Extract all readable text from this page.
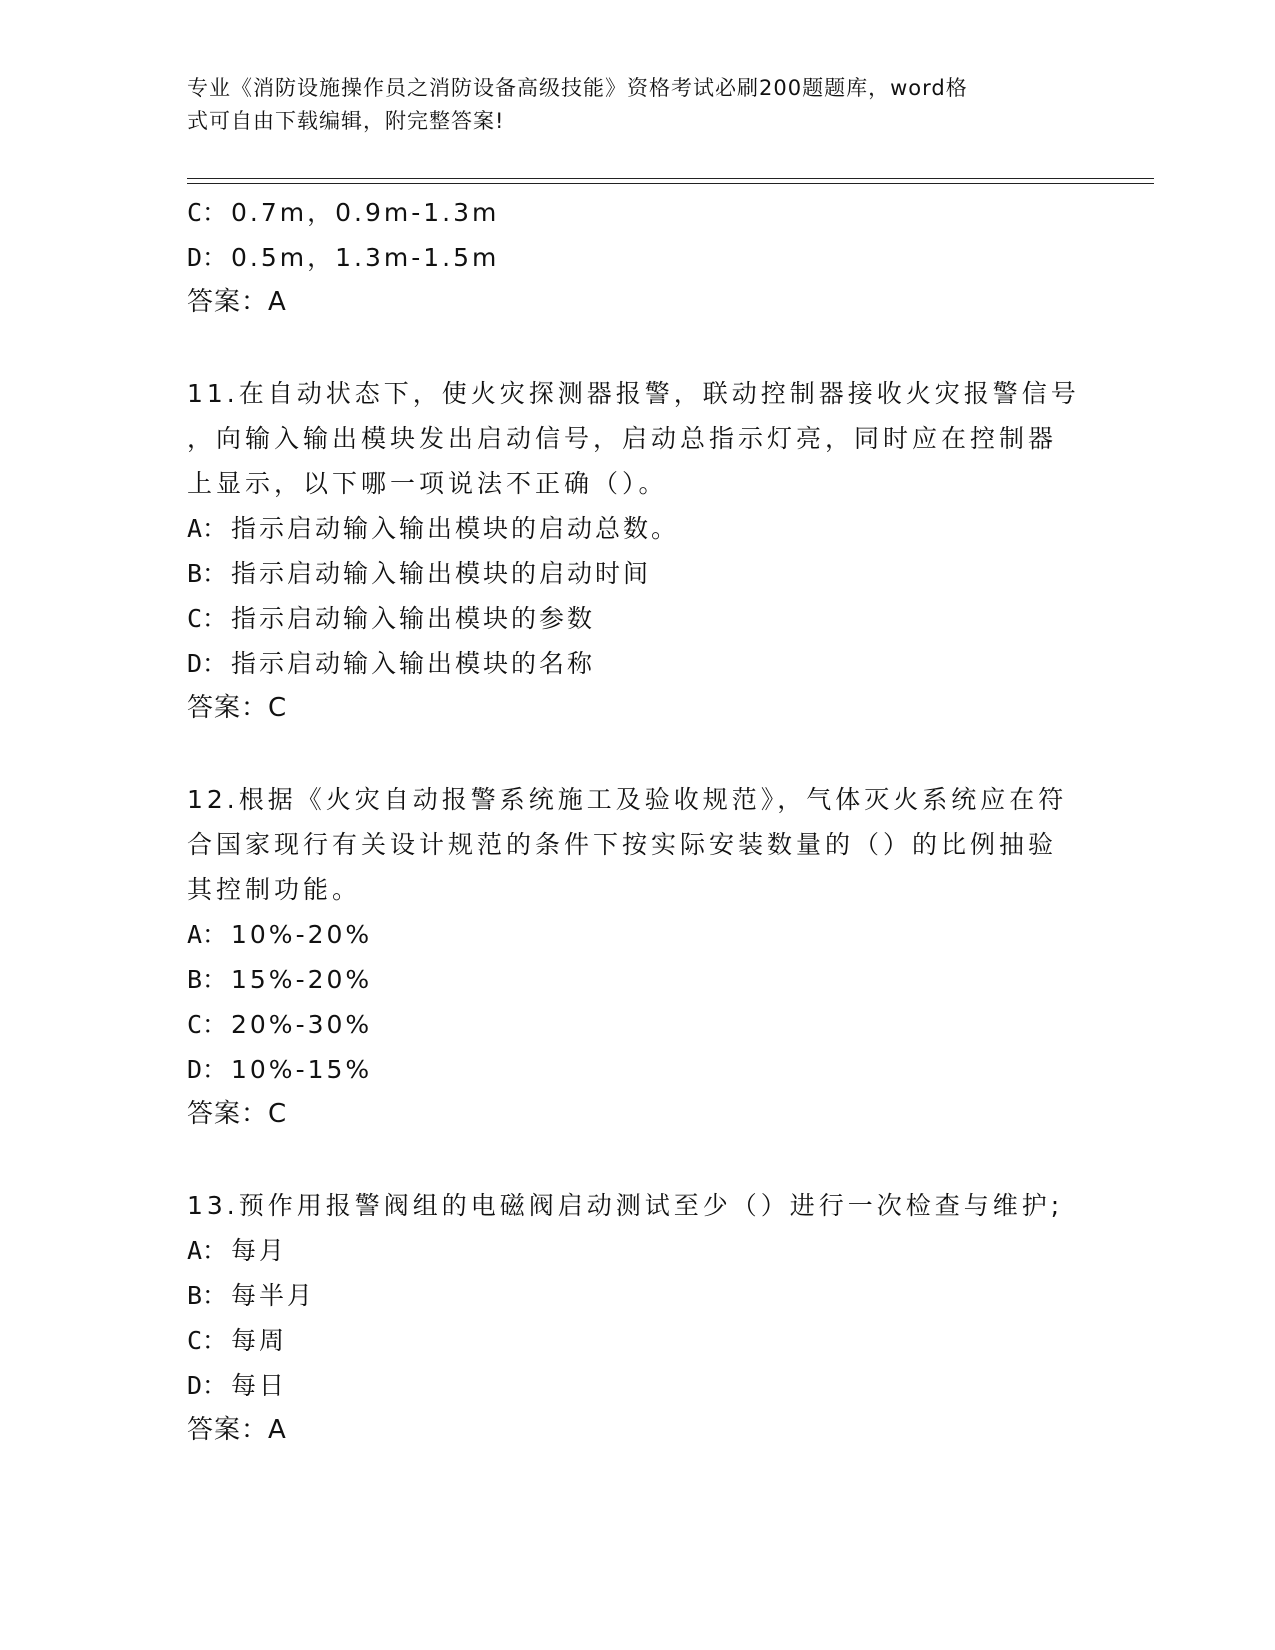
专业《消防设施操作员之消防设备高级技能》资格考试必刷200题题库，word格
式可自由下载编辑，附完整答案!
C： 0.7m，0.9m-1.3m
D： 0.5m，1.3m-1.5m
答案：A
11.在自动状态下，使火灾探测器报警，联动控制器接收火灾报警信号
，向输入输出模块发出启动信号，启动总指示灯亮，同时应在控制器
上显示，以下哪一项说法不正确（）。
A： 指示启动输入输出模块的启动总数。
B： 指示启动输入输出模块的启动时间
C： 指示启动输入输出模块的参数
D： 指示启动输入输出模块的名称
答案：C
12.根据《火灾自动报警系统施工及验收规范》，气体灭火系统应在符
合国家现行有关设计规范的条件下按实际安装数量的（）的比例抽验
其控制功能。
A： 10%-20%
B： 15%-20%
C： 20%-30%
D： 10%-15%
答案：C
13.预作用报警阀组的电磁阀启动测试至少（）进行一次检查与维护;
A： 每月
B： 每半月
C： 每周
D： 每日
答案：A
